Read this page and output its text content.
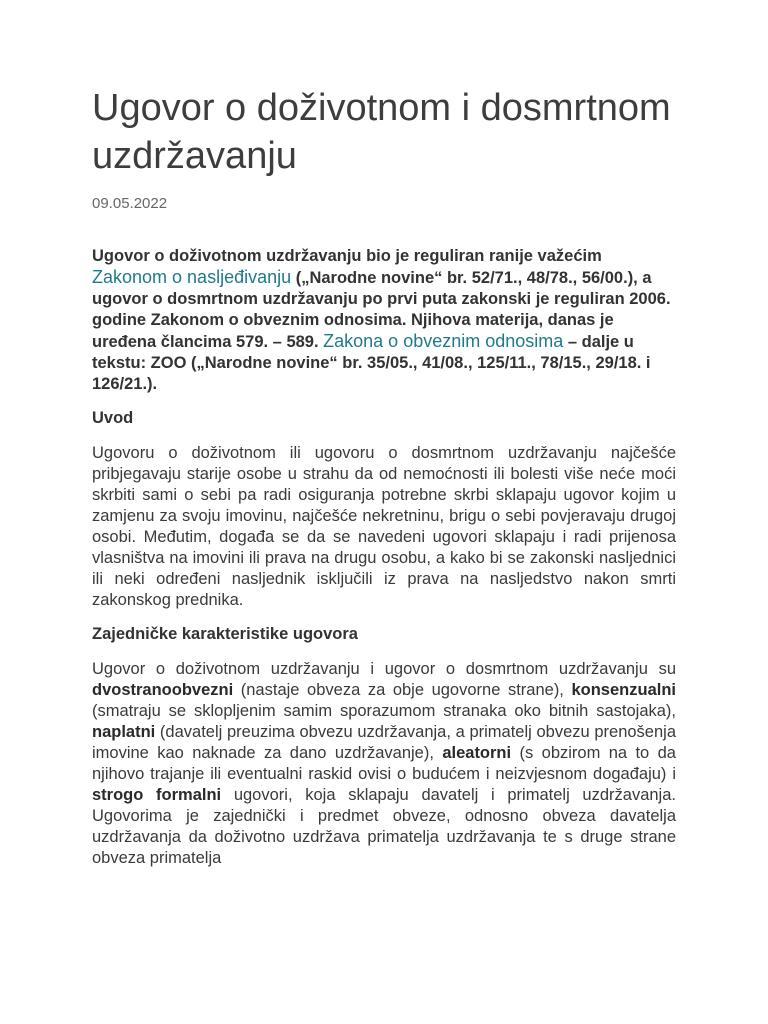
Ugovor o doživotnom i dosmrtnom uzdržavanju
09.05.2022
Ugovor o doživotnom uzdržavanju bio je reguliran ranije važećim Zakonom o nasljeđivanju („Narodne novine“ br. 52/71., 48/78., 56/00.), a ugovor o dosmrtnom uzdržavanju po prvi puta zakonski je reguliran 2006. godine Zakonom o obveznim odnosima. Njihova materija, danas je uređena člancima 579. – 589. Zakona o obveznim odnosima – dalje u tekstu: ZOO („Narodne novine“ br. 35/05., 41/08., 125/11., 78/15., 29/18. i 126/21.).
Uvod

Ugovoru o doživotnom ili ugovoru o dosmrtnom uzdržavanju najčešće pribjegavaju starije osobe u strahu da od nemoćnosti ili bolesti više neće moći skrbiti sami o sebi pa radi osiguranja potrebne skrbi sklapaju ugovor kojim u zamjenu za svoju imovinu, najčešće nekretninu, brigu o sebi povjeravaju drugoj osobi. Međutim, događa se da se navedeni ugovori sklapaju i radi prijenosa vlasništva na imovini ili prava na drugu osobu, a kako bi se zakonski nasljednici ili neki određeni nasljednik isključili iz prava na nasljedstvo nakon smrti zakonskog prednika.

Zajedničke karakteristike ugovora

Ugovor o doživotnom uzdržavanju i ugovor o dosmrtnom uzdržavanju su dvostranoobvezni (nastaje obveza za obje ugovorne strane), konsenzualni (smatraju se sklopljenim samim sporazumom stranaka oko bitnih sastojaka), naplatni (davatelj preuzima obvezu uzdržavanja, a primatelj obvezu prenošenja imovine kao naknade za dano uzdržavanje), aleatorni (s obzirom na to da njihovo trajanje ili eventualni raskid ovisi o budućem i neizvjesnom događaju) i strogo formalni ugovori, koja sklapaju davatelj i primatelj uzdržavanja. Ugovorima je zajednički i predmet obveze, odnosno obveza davatelja uzdržavanja da doživotno uzdržava primatelja uzdržavanja te s druge strane obveza primatelja
